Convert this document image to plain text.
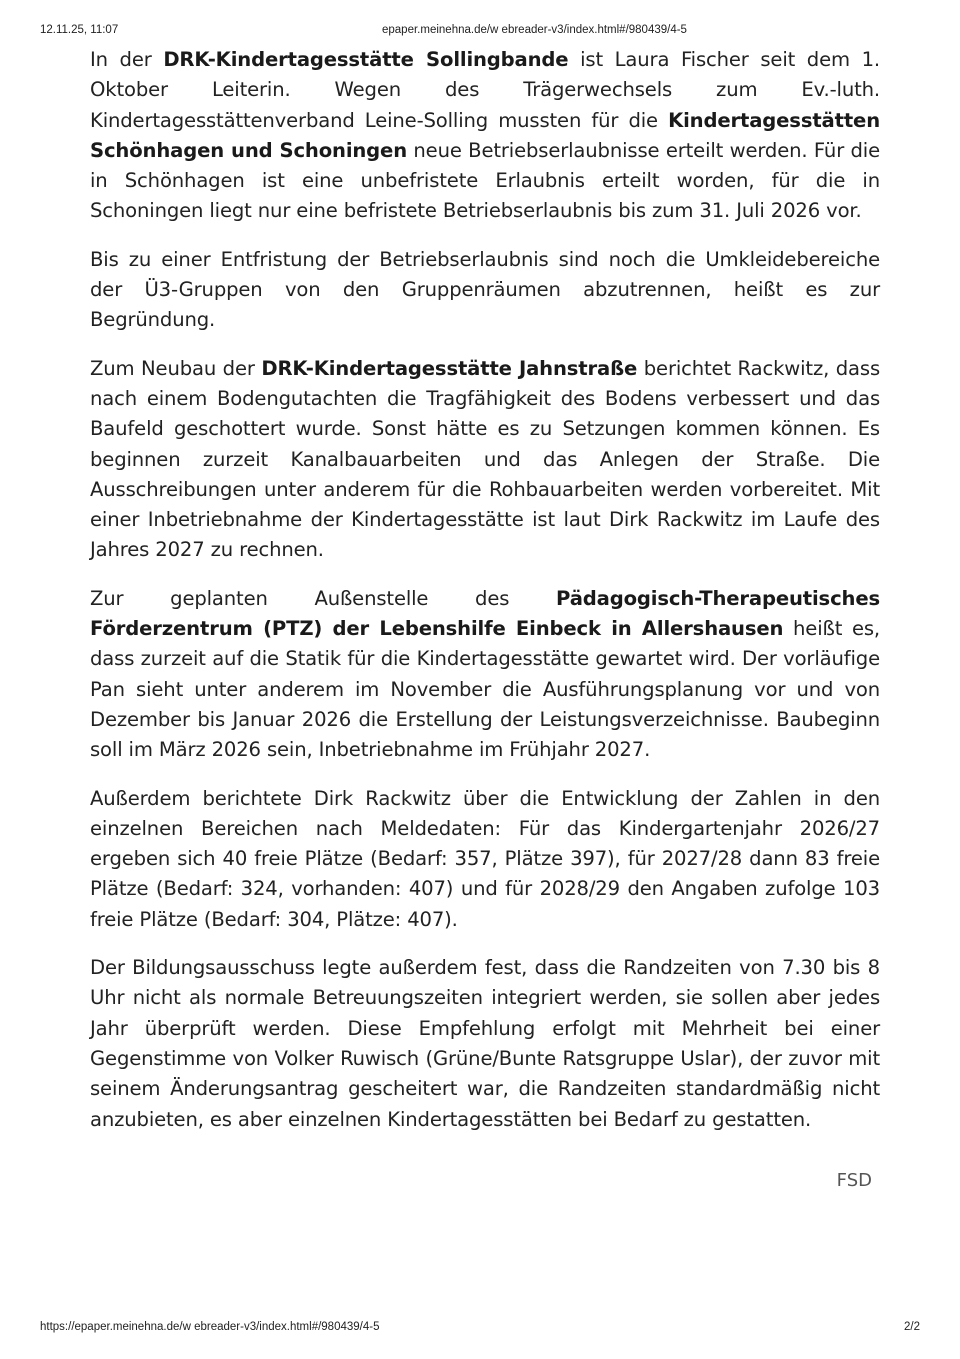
12.11.25, 11:07	epaper.meinehna.de/w ebreader-v3/index.html#/980439/4-5

In der DRK-Kindertagesstätte Sollingbande ist Laura Fischer seit dem 1. Oktober Leiterin. Wegen des Trägerwechsels zum Ev.-luth. Kindertagesstättenverband Leine-Solling mussten für die Kindertagesstätten Schönhagen und Schoningen neue Betriebserlaubnisse erteilt werden. Für die in Schönhagen ist eine unbefristete Erlaubnis erteilt worden, für die in Schoningen liegt nur eine befristete Betriebserlaubnis bis zum 31. Juli 2026 vor.

Bis zu einer Entfristung der Betriebserlaubnis sind noch die Umkleidebereiche der Ü3-Gruppen von den Gruppenräumen abzutrennen, heißt es zur Begründung.

Zum Neubau der DRK-Kindertagesstätte Jahnstraße berichtet Rackwitz, dass nach einem Bodengutachten die Tragfähigkeit des Bodens verbessert und das Baufeld geschottert wurde. Sonst hätte es zu Setzungen kommen können. Es beginnen zurzeit Kanalbauarbeiten und das Anlegen der Straße. Die Ausschreibungen unter anderem für die Rohbauarbeiten werden vorbereitet. Mit einer Inbetriebnahme der Kindertagesstätte ist laut Dirk Rackwitz im Laufe des Jahres 2027 zu rechnen.

Zur geplanten Außenstelle des Pädagogisch-Therapeutisches Förderzentrum (PTZ) der Lebenshilfe Einbeck in Allershausen heißt es, dass zurzeit auf die Statik für die Kindertagesstätte gewartet wird. Der vorläufige Pan sieht unter anderem im November die Ausführungsplanung vor und von Dezember bis Januar 2026 die Erstellung der Leistungsverzeichnisse. Baubeginn soll im März 2026 sein, Inbetriebnahme im Frühjahr 2027.

Außerdem berichtete Dirk Rackwitz über die Entwicklung der Zahlen in den einzelnen Bereichen nach Meldedaten: Für das Kindergartenjahr 2026/27 ergeben sich 40 freie Plätze (Bedarf: 357, Plätze 397), für 2027/28 dann 83 freie Plätze (Bedarf: 324, vorhanden: 407) und für 2028/29 den Angaben zufolge 103 freie Plätze (Bedarf: 304, Plätze: 407).

Der Bildungsausschuss legte außerdem fest, dass die Randzeiten von 7.30 bis 8 Uhr nicht als normale Betreuungszeiten integriert werden, sie sollen aber jedes Jahr überprüft werden. Diese Empfehlung erfolgt mit Mehrheit bei einer Gegenstimme von Volker Ruwisch (Grüne/Bunte Ratsgruppe Uslar), der zuvor mit seinem Änderungsantrag gescheitert war, die Randzeiten standardmäßig nicht anzubieten, es aber einzelnen Kindertagesstätten bei Bedarf zu gestatten.

FSD
https://epaper.meinehna.de/w ebreader-v3/index.html#/980439/4-5	2/2
